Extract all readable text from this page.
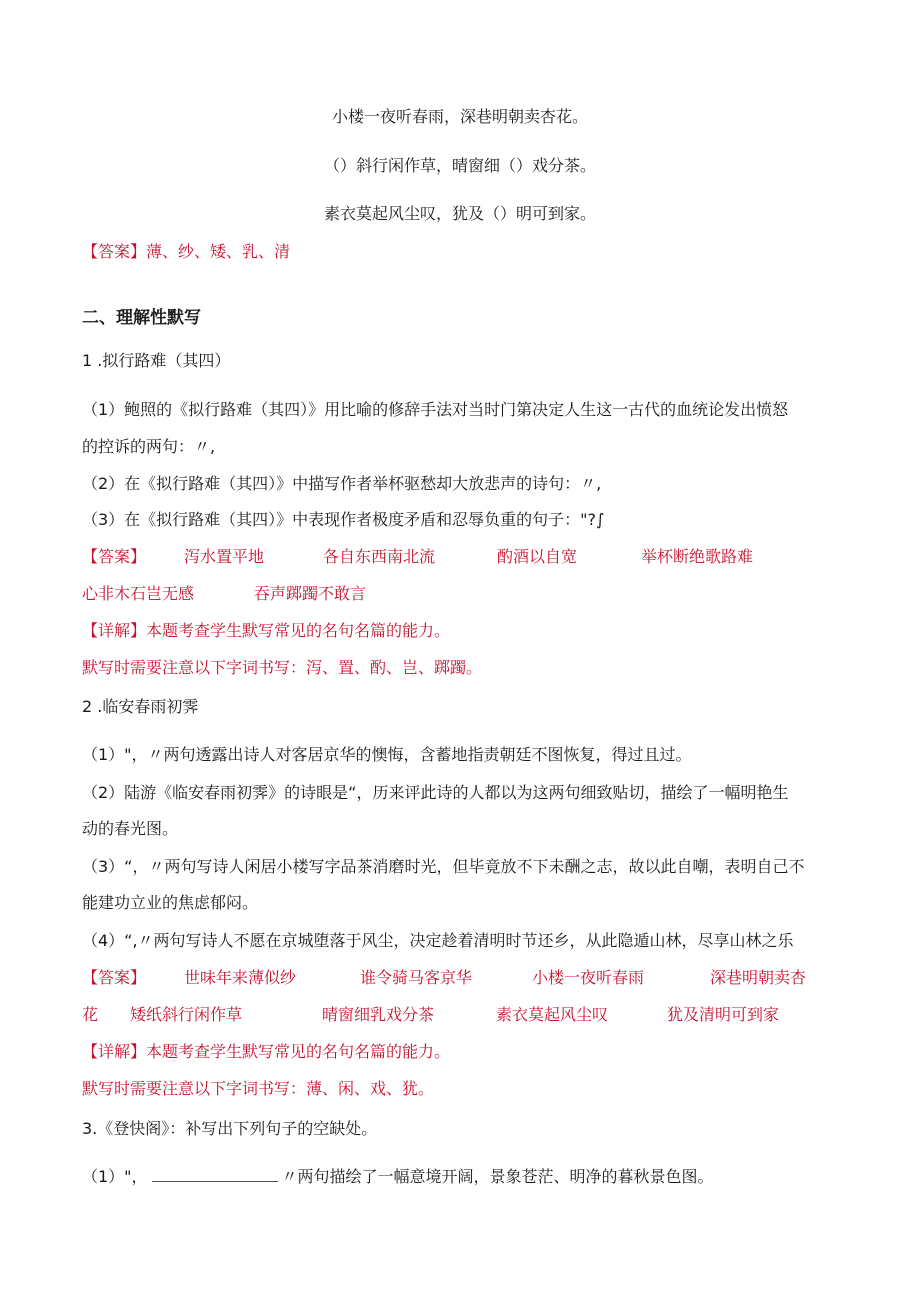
小楼一夜听春雨，深巷明朝卖杏花。
（）斜行闲作草，晴窗细（）戏分茶。
素衣莫起风尘叹，犹及（）明可到家。
【答案】薄、纱、矮、乳、清
二、理解性默写
1 .拟行路难（其四）
（1）鲍照的《拟行路难（其四）》用比喻的修辞手法对当时门第决定人生这一古代的血统论发出愤怒
的控诉的两句：〃,
（2）在《拟行路难（其四）》中描写作者举杯驱愁却大放悲声的诗句：〃,
（3）在《拟行路难（其四）》中表现作者极度矛盾和忍辱负重的句子："?∫
【答案】 泻水置平地	各自东西南北流	酌酒以自宽	举杯断绝歌路难
心非木石岂无感	吞声踯躅不敢言
【详解】本题考查学生默写常见的名句名篇的能力。
默写时需要注意以下字词书写：泻、置、酌、岂、踯躅。
2 .临安春雨初霁
（1）"，〃两句透露出诗人对客居京华的懊悔，含蓄地指责朝廷不图恢复，得过且过。
（2）陆游《临安春雨初霁》的诗眼是“，历来评此诗的人都以为这两句细致贴切，描绘了一幅明艳生
动的春光图。
（3）“，〃两句写诗人闲居小楼写字品茶消磨时光，但毕竟放不下未酬之志，故以此自嘲，表明自己不
能建功立业的焦虑郁闷。
（4）“,〃两句写诗人不愿在京城堕落于风尘，决定趁着清明时节还乡，从此隐遁山林，尽享山林之乐
【答案】 世味年来薄似纱	谁令骑马客京华	小楼一夜听春雨	深巷明朝卖杏
花 矮纸斜行闲作草	晴窗细乳戏分茶	素衣莫起风尘叹	犹及清明可到家
【详解】本题考查学生默写常见的名句名篇的能力。
默写时需要注意以下字词书写：薄、闲、戏、犹。
3.《登快阁》：补写出下列句子的空缺处。
（1）"，	〃两句描绘了一幅意境开阔，景象苍茫、明净的暮秋景色图。
